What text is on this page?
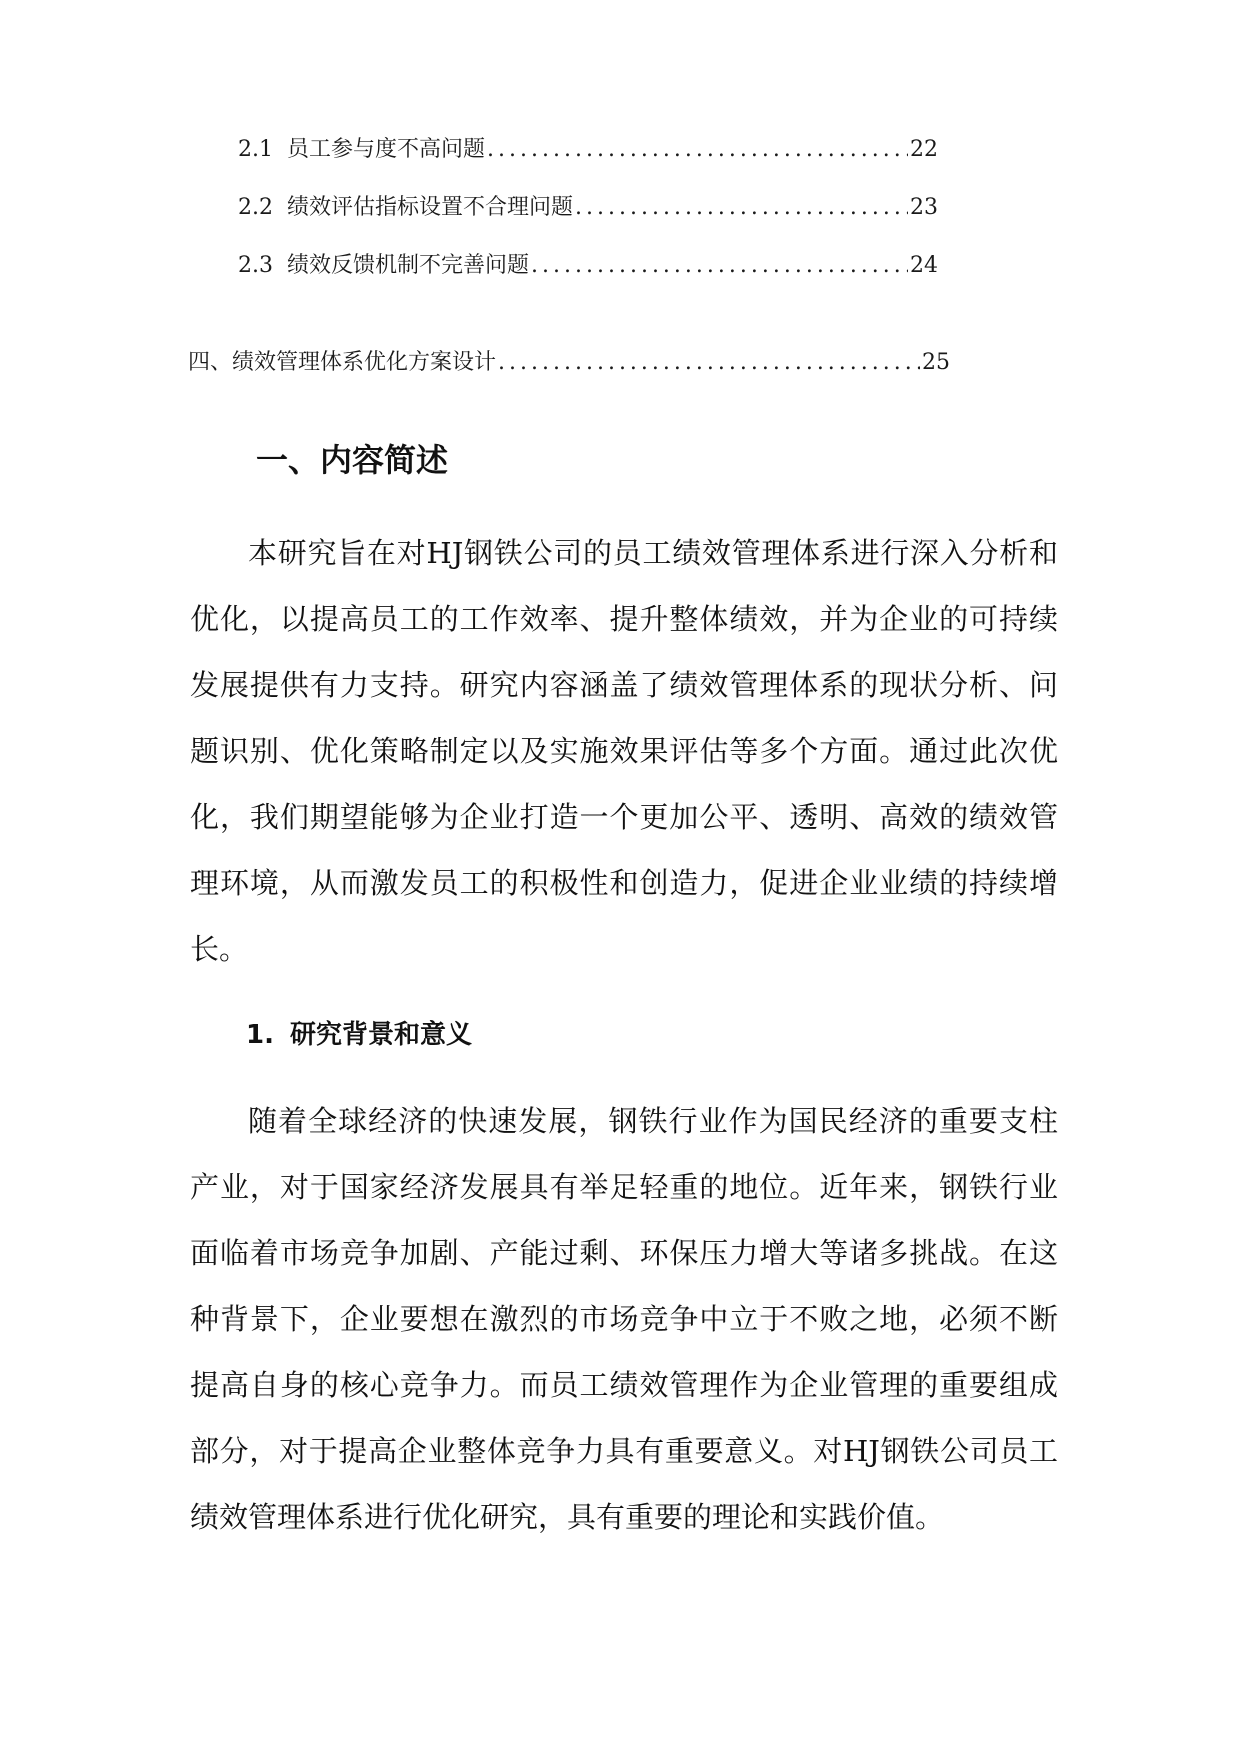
2.1 员工参与度不高问题 .....	22
2.2 绩效评估指标设置不合理问题 .....	23
2.3 绩效反馈机制不完善问题 .....	24
四、绩效管理体系优化方案设计 .....	25
一、内容简述

本研究旨在对HJ钢铁公司的员工绩效管理体系进行深入分析和优化，以提高员工的工作效率、提升整体绩效，并为企业的可持续发展提供有力支持。研究内容涵盖了绩效管理体系的现状分析、问题识别、优化策略制定以及实施效果评估等多个方面。通过此次优化，我们期望能够为企业打造一个更加公平、透明、高效的绩效管理环境，从而激发员工的积极性和创造力，促进企业业绩的持续增长。

1. 研究背景和意义

随着全球经济的快速发展，钢铁行业作为国民经济的重要支柱产业，对于国家经济发展具有举足轻重的地位。近年来，钢铁行业面临着市场竞争加剧、产能过剩、环保压力增大等诸多挑战。在这种背景下，企业要想在激烈的市场竞争中立于不败之地，必须不断提高自身的核心竞争力。而员工绩效管理作为企业管理的重要组成部分，对于提高企业整体竞争力具有重要意义。对HJ钢铁公司员工绩效管理体系进行优化研究，具有重要的理论和实践价值。
